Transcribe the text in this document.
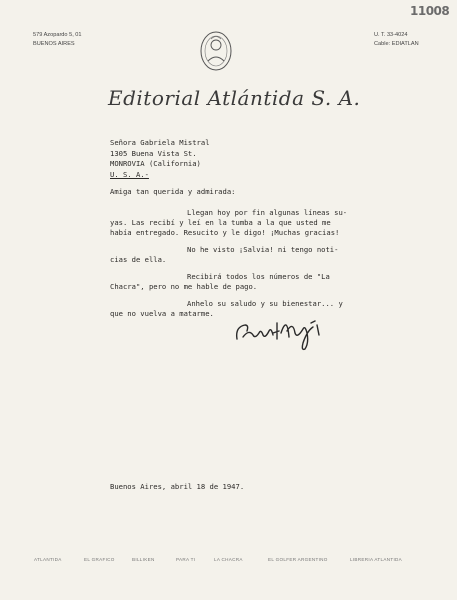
11008
579 Azopardo 5, 01
BUENOS AIRES
U. T. 33-4024
Cable: EDIATLAN
Editorial Atlántida S. A.
Señora Gabriela Mistral
1305 Buena Vista St.
MONROVIA (California)
U. S. A.-
Amiga tan querida y admirada:
Llegan hoy por fin algunas líneas su-
yas. Las recibí y leí en la tumba a la que usted me
había entregado. Resucito y le digo! ¡Muchas gracias!
No he visto ¡Salvia! ni tengo noti-
cias de ella.
Recibirá todos los números de "La
Chacra", pero no me hable de pago.
Anhelo su saludo y su bienestar... y
que no vuelva a matarme.
Buenos Aires, abril 18 de 1947.
ATLANTIDA	EL GRAFICO	BILLIKEN	PARA TI	LA CHACRA	EL GOLFER ARGENTINO	LIBRERIA ATLANTIDA
